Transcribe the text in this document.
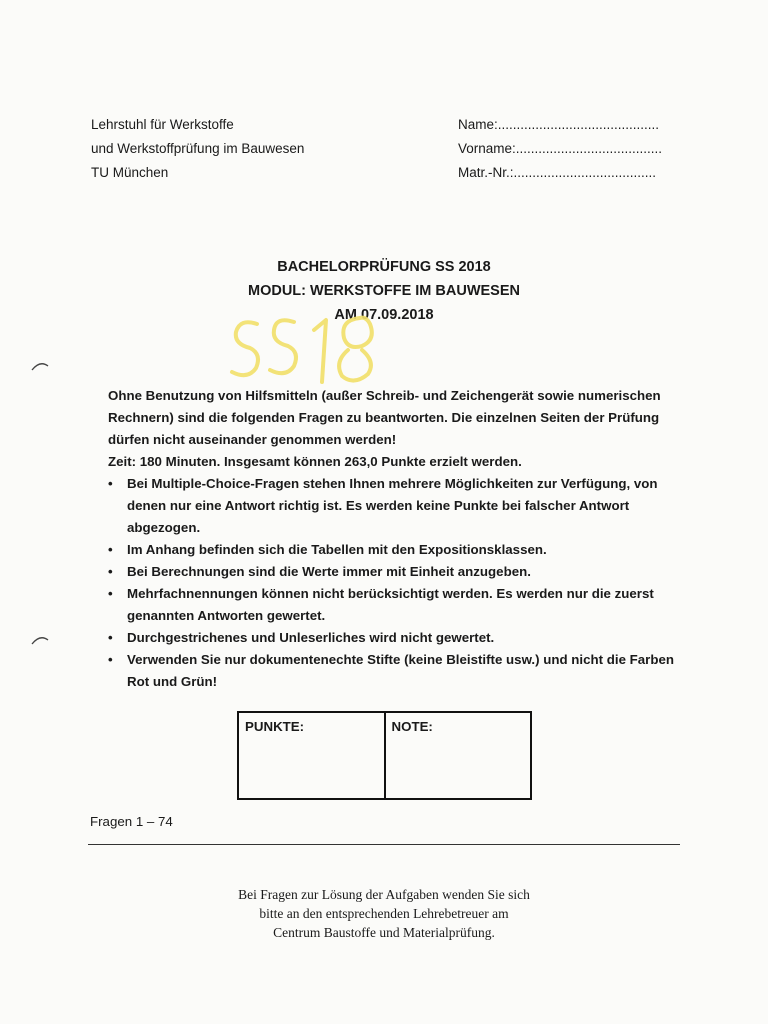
Lehrstuhl für Werkstoffe
und Werkstoffprüfung im Bauwesen
TU München
Name:...........................................
Vorname:.......................................
Matr.-Nr.:......................................
BACHELORPRÜFUNG SS 2018
MODUL: WERKSTOFFE IM BAUWESEN
AM 07.09.2018

Ohne Benutzung von Hilfsmitteln (außer Schreib- und Zeichengerät sowie numerischen Rechnern) sind die folgenden Fragen zu beantworten. Die einzelnen Seiten der Prüfung dürfen nicht auseinander genommen werden!

Zeit: 180 Minuten. Insgesamt können 263,0 Punkte erzielt werden.

• Bei Multiple-Choice-Fragen stehen Ihnen mehrere Möglichkeiten zur Verfügung, von denen nur eine Antwort richtig ist. Es werden keine Punkte bei falscher Antwort abgezogen.
• Im Anhang befinden sich die Tabellen mit den Expositionsklassen.
• Bei Berechnungen sind die Werte immer mit Einheit anzugeben.
• Mehrfachnennungen können nicht berücksichtigt werden. Es werden nur die zuerst genannten Antworten gewertet.
• Durchgestrichenes und Unleserliches wird nicht gewertet.
• Verwenden Sie nur dokumentenechte Stifte (keine Bleistifte usw.) und nicht die Farben Rot und Grün!
PUNKTE:	NOTE:
Fragen 1 – 74
Bei Fragen zur Lösung der Aufgaben wenden Sie sich
bitte an den entsprechenden Lehrebetreuer am
Centrum Baustoffe und Materialprüfung.
